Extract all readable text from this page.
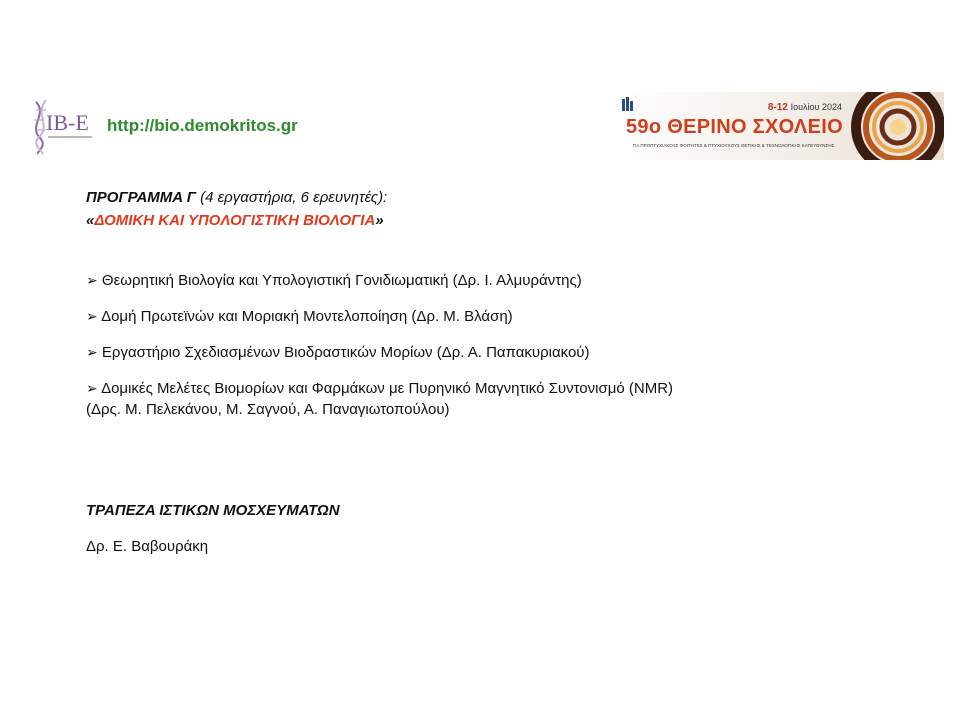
IB-E http://bio.demokritos.gr
8-12 Ιουλίου 2024
59ο ΘΕΡΙΝΟ ΣΧΟΛΕΙΟ
ΓΙΑ ΠΡΟΠΤΥΧΙΑΚΟΥΣ ΦΟΙΤΗΤΕΣ & ΠΤΥΧΙΟΥΧΟΥΣ ΘΕΤΙΚΗΣ & ΤΕΧΝΟΛΟΓΙΚΗΣ ΚΑΤΕΥΘΥΝΣΗΣ
ΠΡΟΓΡΑΜΜΑ Γ (4 εργαστήρια, 6 ερευνητές):
«ΔΟΜΙΚΗ ΚΑΙ ΥΠΟΛΟΓΙΣΤΙΚΗ ΒΙΟΛΟΓΙΑ»
➢ Θεωρητική Βιολογία και Υπολογιστική Γονιδιωματική (Δρ. Ι. Αλμυράντης)
➢ Δομή Πρωτεϊνών και Μοριακή Μοντελοποίηση (Δρ. Μ. Βλάση)
➢ Εργαστήριο Σχεδιασμένων Βιοδραστικών Μορίων (Δρ. Α. Παπακυριακού)
➢ Δομικές Μελέτες Βιομορίων και Φαρμάκων με Πυρηνικό Μαγνητικό Συντονισμό (NMR)
(Δρς. Μ. Πελεκάνου, Μ. Σαγνού, Α. Παναγιωτοπούλου)
ΤΡΑΠΕΖΑ ΙΣΤΙΚΩΝ ΜΟΣΧΕΥΜΑΤΩΝ
Δρ. Ε. Βαβουράκη
